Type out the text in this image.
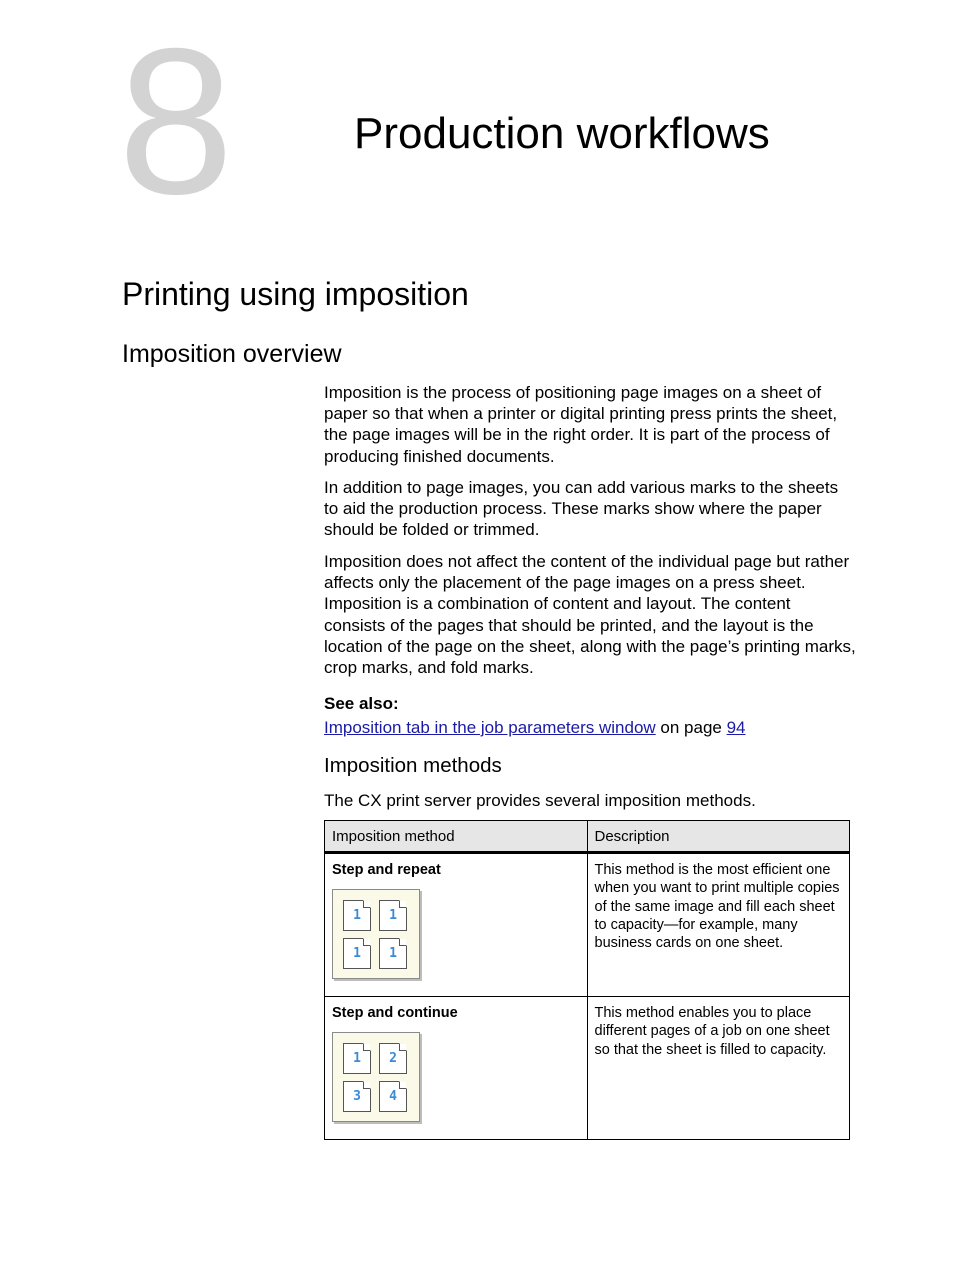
8	Production workflows
Printing using imposition
Imposition overview

Imposition is the process of positioning page images on a sheet of paper so that when a printer or digital printing press prints the sheet, the page images will be in the right order. It is part of the process of producing finished documents.

In addition to page images, you can add various marks to the sheets to aid the production process. These marks show where the paper should be folded or trimmed.

Imposition does not affect the content of the individual page but rather affects only the placement of the page images on a press sheet. Imposition is a combination of content and layout. The content consists of the pages that should be printed, and the layout is the location of the page on the sheet, along with the page’s printing marks, crop marks, and fold marks.

See also:
Imposition tab in the job parameters window on page 94
Imposition methods
The CX print server provides several imposition methods.
Imposition method	Description

Step and repeat
1 1
1 1	This method is the most efficient one when you want to print multiple copies of the same image and fill each sheet to capacity—for example, many business cards on one sheet.

Step and continue
1 2
3 4	This method enables you to place different pages of a job on one sheet so that the sheet is filled to capacity.
